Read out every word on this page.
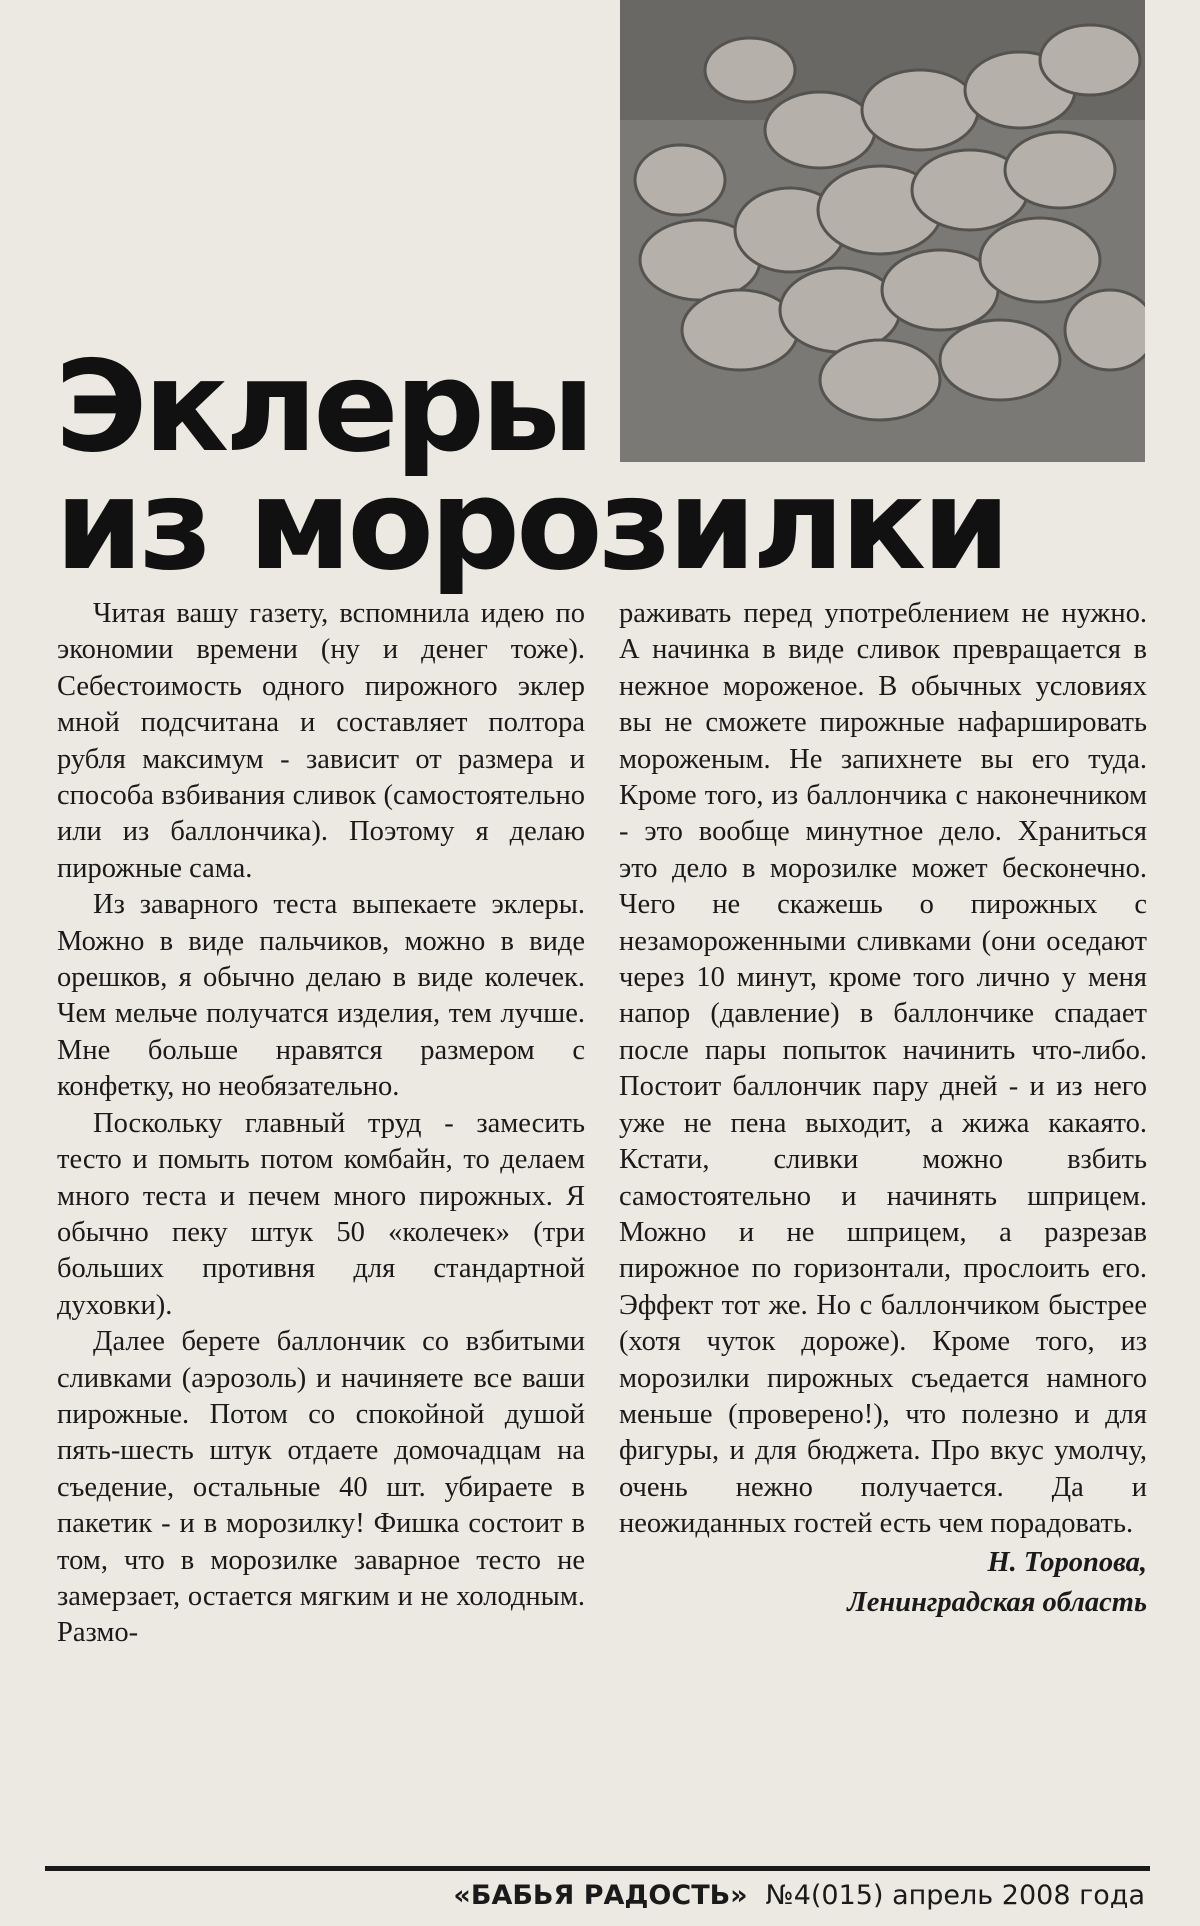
Эклеры
из морозилки

Читая вашу газету, вспомнила идею по экономии времени (ну и денег тоже). Себестоимость одного пирожного эклер мной подсчитана и составляет полтора рубля максимум - зависит от размера и способа взбивания сливок (самостоятельно или из баллончика). Поэтому я делаю пирожные сама.

Из заварного теста выпекаете эклеры. Можно в виде пальчиков, можно в виде орешков, я обычно делаю в виде колечек. Чем мельче получатся изделия, тем лучше. Мне больше нравятся размером с конфетку, но необязательно.

Поскольку главный труд - замесить тесто и помыть потом комбайн, то делаем много теста и печем много пирожных. Я обычно пеку штук 50 «колечек» (три больших противня для стандартной духовки).

Далее берете баллончик со взбитыми сливками (аэрозоль) и начиняете все ваши пирожные. Потом со спокойной душой пять-шесть штук отдаете домочадцам на съедение, остальные 40 шт. убираете в пакетик - и в морозилку! Фишка состоит в том, что в морозилке заварное тесто не замерзает, остается мягким и не холодным. Размо-

раживать перед употреблением не нужно. А начинка в виде сливок превращается в нежное мороженое. В обычных условиях вы не сможете пирожные нафаршировать мороженым. Не запихнете вы его туда. Кроме того, из баллончика с наконечником - это вообще минутное дело. Храниться это дело в морозилке может бесконечно. Чего не скажешь о пирожных с незамороженными сливками (они оседают через 10 минут, кроме того лично у меня напор (давление) в баллончике спадает после пары попыток начинить что-либо. Постоит баллончик пару дней - и из него уже не пена выходит, а жижа какаято. Кстати, сливки можно взбить самостоятельно и начинять шприцем. Можно и не шприцем, а разрезав пирожное по горизонтали, прослоить его. Эффект тот же. Но с баллончиком быстрее (хотя чуток дороже). Кроме того, из морозилки пирожных съедается намного меньше (проверено!), что полезно и для фигуры, и для бюджета. Про вкус умолчу, очень нежно получается. Да и неожиданных гостей есть чем порадовать.

Н. Торопова,
Ленинградская область
«БАБЬЯ РАДОСТЬ» №4(015) апрель 2008 года
